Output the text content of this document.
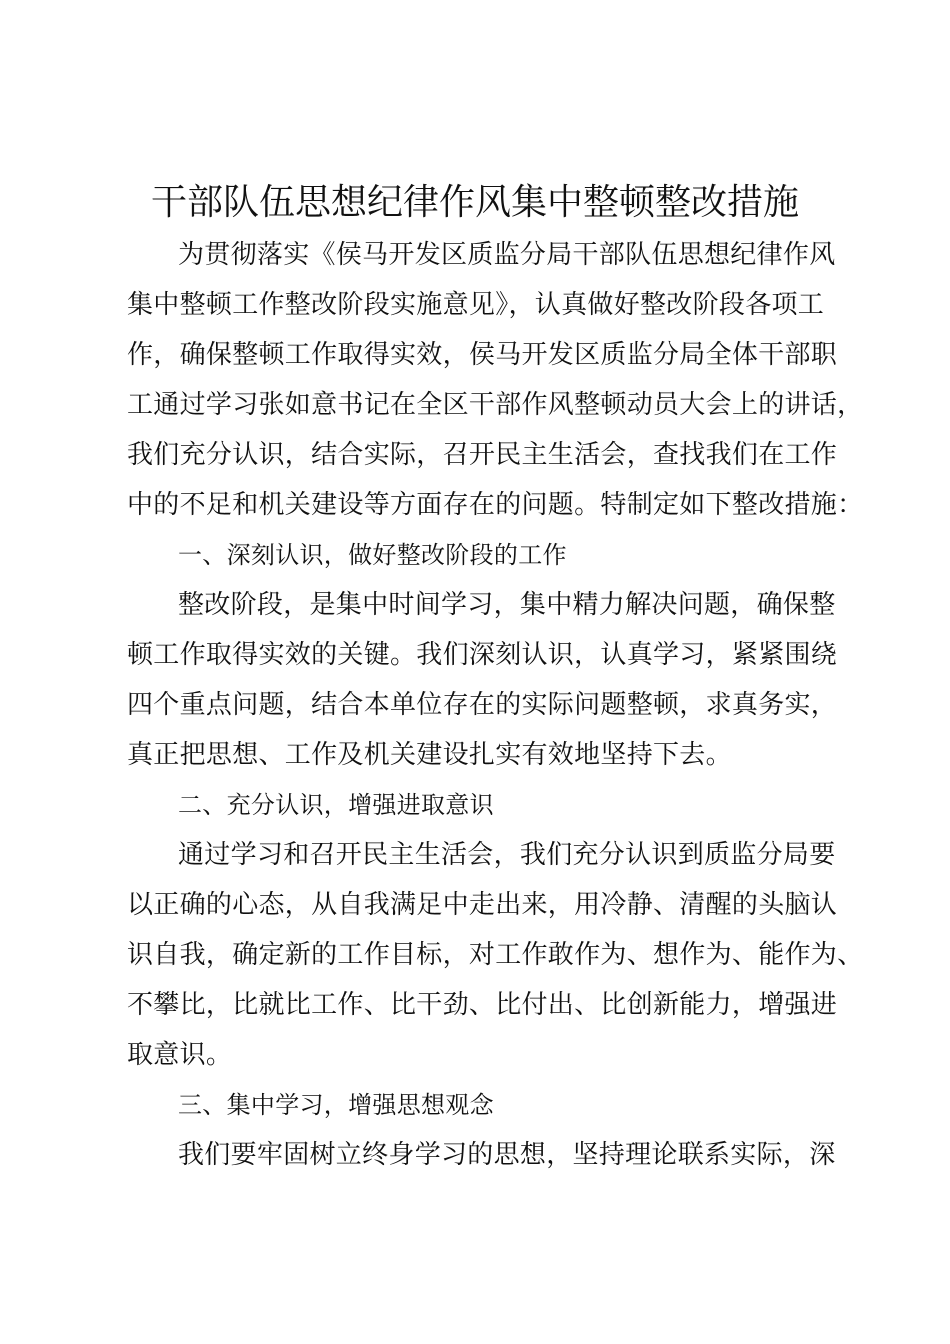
干部队伍思想纪律作风集中整顿整改措施
为贯彻落实《侯马开发区质监分局干部队伍思想纪律作风
集中整顿工作整改阶段实施意见》，认真做好整改阶段各项工
作，确保整顿工作取得实效，侯马开发区质监分局全体干部职
工通过学习张如意书记在全区干部作风整顿动员大会上的讲话，
我们充分认识，结合实际，召开民主生活会，查找我们在工作
中的不足和机关建设等方面存在的问题。特制定如下整改措施：
一、深刻认识，做好整改阶段的工作
整改阶段，是集中时间学习，集中精力解决问题，确保整
顿工作取得实效的关键。我们深刻认识，认真学习，紧紧围绕
四个重点问题，结合本单位存在的实际问题整顿，求真务实，
真正把思想、工作及机关建设扎实有效地坚持下去。
二、充分认识，增强进取意识
通过学习和召开民主生活会，我们充分认识到质监分局要
以正确的心态，从自我满足中走出来，用冷静、清醒的头脑认
识自我，确定新的工作目标，对工作敢作为、想作为、能作为、
不攀比，比就比工作、比干劲、比付出、比创新能力，增强进
取意识。
三、集中学习，增强思想观念
我们要牢固树立终身学习的思想，坚持理论联系实际，深
